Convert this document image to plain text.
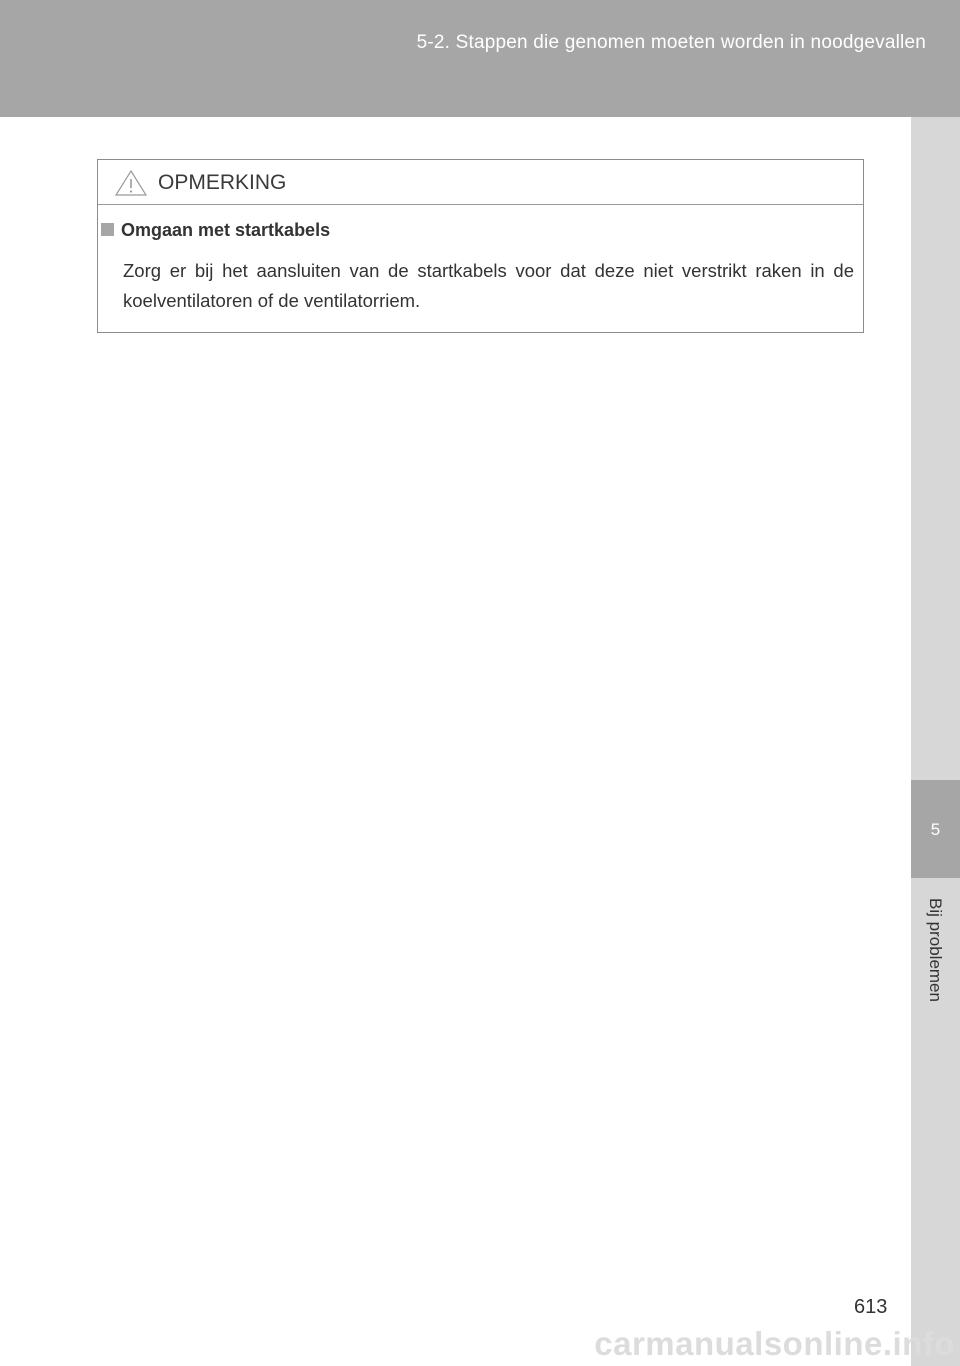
5-2. Stappen die genomen moeten worden in noodgevallen
5
Bij problemen
OPMERKING
Omgaan met startkabels
Zorg er bij het aansluiten van de startkabels voor dat deze niet verstrikt raken in de koelventilatoren of de ventilatorriem.
613
carmanualsonline.info
